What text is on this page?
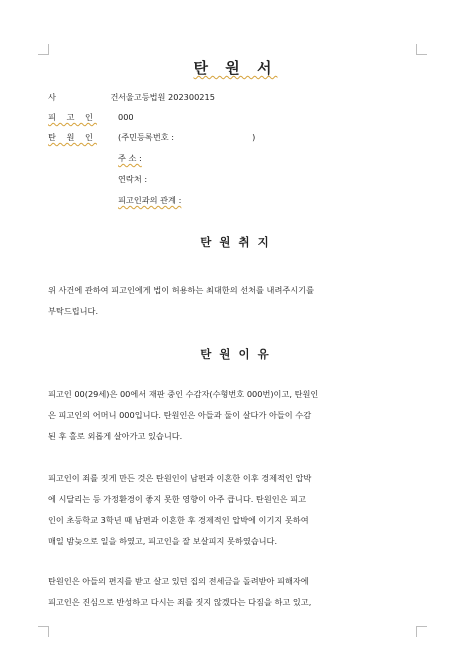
탄 원 서
사 건
서울고등법원 202300215
피 고 인	000
탄 원 인	(주민등록번호 :                              )
주 소 :
연락처 :
피고인과의 관계 :
탄 원 취 지
위 사건에 관하여 피고인에게 법이 허용하는 최대한의 선처를 내려주시기를
부탁드립니다.
탄 원 이 유
피고인 00(29세)은 00에서 재판 중인 수감자(수형번호 000번)이고, 탄원인
은 피고인의 어머니 000입니다. 탄원인은 아들과 둘이 살다가 아들이 수감
된 후 홀로 외롭게 살아가고 있습니다.
피고인이 죄를 짓게 만든 것은 탄원인이 남편과 이혼한 이후 경제적인 압박
에 시달리는 등 가정환경이 좋지 못한 영향이 아주 큽니다. 탄원인은 피고
인이 초등학교 3학년 때 남편과 이혼한 후 경제적인 압박에 이기지 못하여
매일 밤늦으로 일을 하였고, 피고인을 잘 보살피지 못하였습니다.
탄원인은 아들의 편지를 받고 살고 있던 집의 전세금을 돌려받아 피해자에
피고인은 진심으로 반성하고 다시는 죄를 짓지 않겠다는 다짐을 하고 있고,
